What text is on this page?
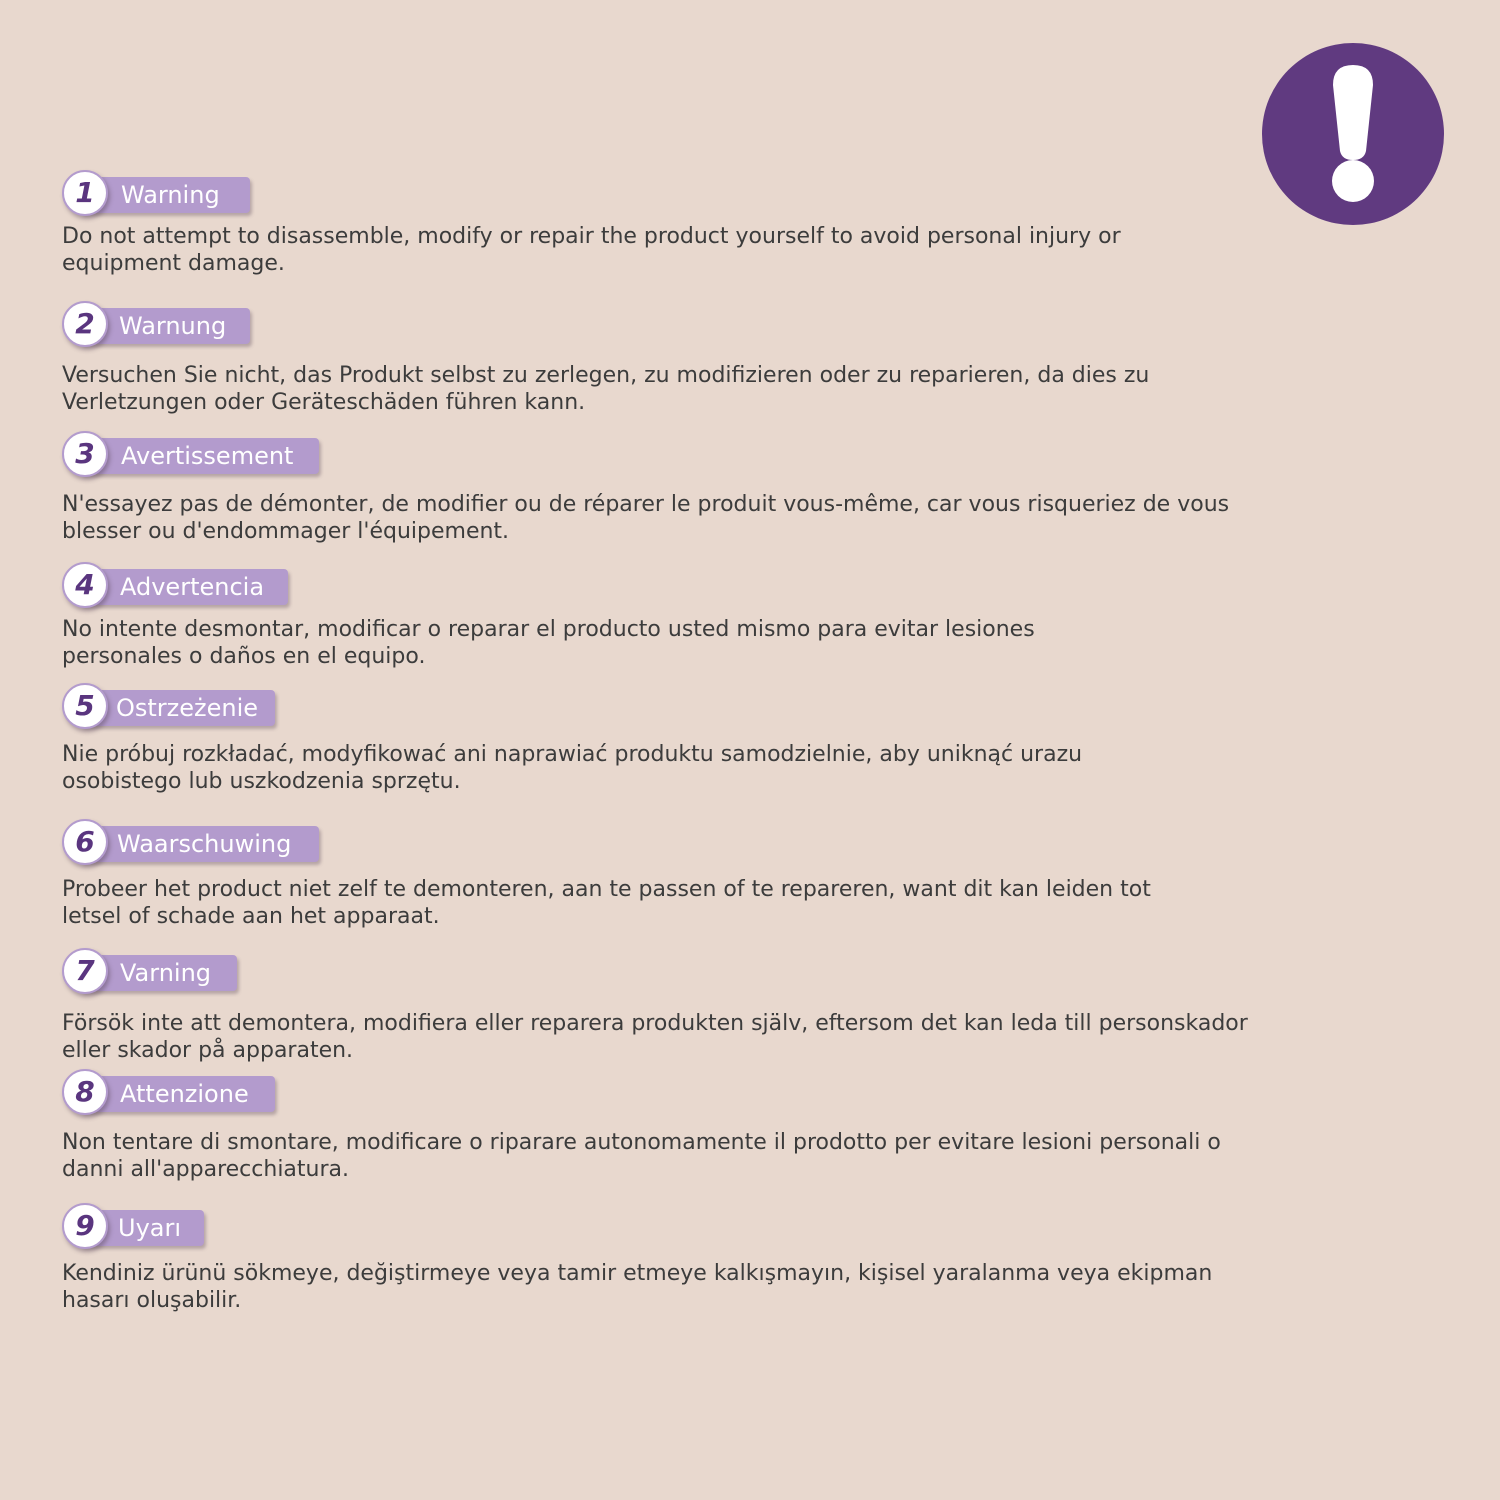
Warning
1

Do not attempt to disassemble, modify or repair the product yourself to avoid personal injury or
equipment damage.

Warnung
2

Versuchen Sie nicht, das Produkt selbst zu zerlegen, zu modifizieren oder zu reparieren, da dies zu
Verletzungen oder Geräteschäden führen kann.

Avertissement
3

N'essayez pas de démonter, de modifier ou de réparer le produit vous-même, car vous risqueriez de vous
blesser ou d'endommager l'équipement.

Advertencia
4

No intente desmontar, modificar o reparar el producto usted mismo para evitar lesiones
personales o daños en el equipo.

Ostrzeżenie
5

Nie próbuj rozkładać, modyfikować ani naprawiać produktu samodzielnie, aby uniknąć urazu
osobistego lub uszkodzenia sprzętu.

Waarschuwing
6

Probeer het product niet zelf te demonteren, aan te passen of te repareren, want dit kan leiden tot
letsel of schade aan het apparaat.

Varning
7

Försök inte att demontera, modifiera eller reparera produkten själv, eftersom det kan leda till personskador
eller skador på apparaten.

Attenzione
8

Non tentare di smontare, modificare o riparare autonomamente il prodotto per evitare lesioni personali o
danni all'apparecchiatura.

Uyarı
9

Kendiniz ürünü sökmeye, değiştirmeye veya tamir etmeye kalkışmayın, kişisel yaralanma veya ekipman
hasarı oluşabilir.
